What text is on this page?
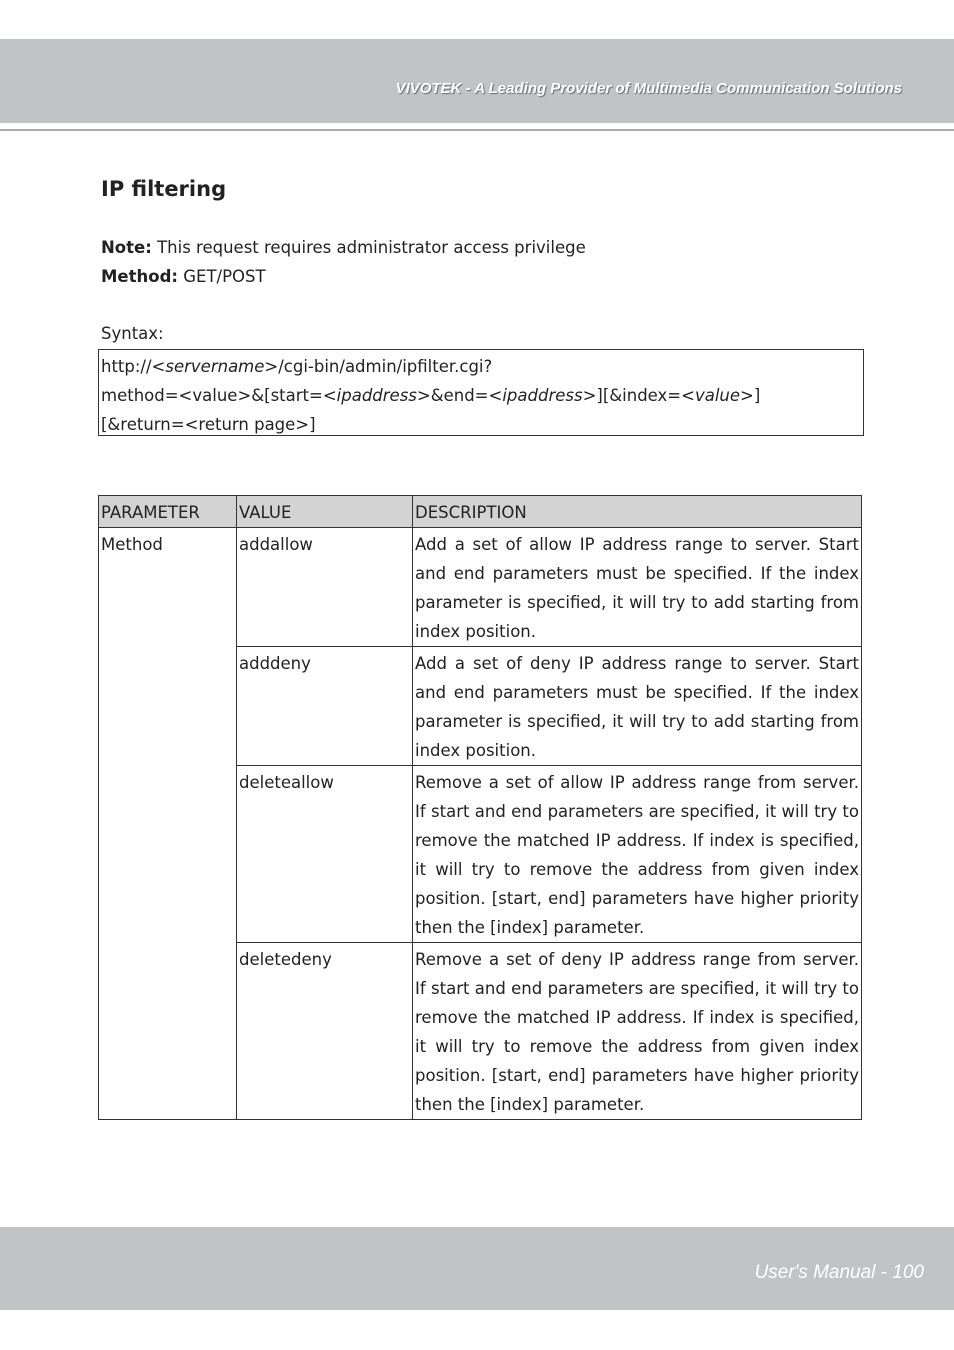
VIVOTEK - A Leading Provider of Multimedia Communication Solutions
IP filtering
Note: This request requires administrator access privilege
Method: GET/POST
Syntax:
http://<servername>/cgi-bin/admin/ipfilter.cgi?
method=<value>&[start=<ipaddress>&end=<ipaddress>][&index=<value>]
[&return=<return page>]
PARAMETER	VALUE	DESCRIPTION
Method	addallow	Add a set of allow IP address range to server. Start and end parameters must be specified. If the index parameter is specified, it will try to add starting from index position.
	adddeny	Add a set of deny IP address range to server. Start and end parameters must be specified. If the index parameter is specified, it will try to add starting from index position.
	deleteallow	Remove a set of allow IP address range from server. If start and end parameters are specified, it will try to remove the matched IP address. If index is specified, it will try to remove the address from given index position. [start, end] parameters have higher priority then the [index] parameter.
	deletedeny	Remove a set of deny IP address range from server. If start and end parameters are specified, it will try to remove the matched IP address. If index is specified, it will try to remove the address from given index position. [start, end] parameters have higher priority then the [index] parameter.
User's Manual - 100
